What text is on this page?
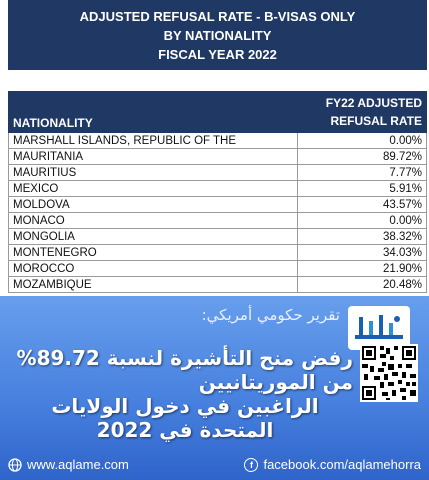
ADJUSTED REFUSAL RATE - B-VISAS ONLY
BY NATIONALITY
FISCAL YEAR 2022
NATIONALITY	FY22 ADJUSTED
REFUSAL RATE
MARSHALL ISLANDS, REPUBLIC OF THE	0.00%
MAURITANIA	89.72%
MAURITIUS	7.77%
MEXICO	5.91%
MOLDOVA	43.57%
MONACO	0.00%
MONGOLIA	38.32%
MONTENEGRO	34.03%
MOROCCO	21.90%
MOZAMBIQUE	20.48%
تقرير حكومي أمريكي:
رفض منح التأشيرة لنسبة 89.72% من الموريتانيين
الراغبين في دخول الولايات المتحدة في 2022
www.aqlame.com	f facebook.com/aqlamehorra
